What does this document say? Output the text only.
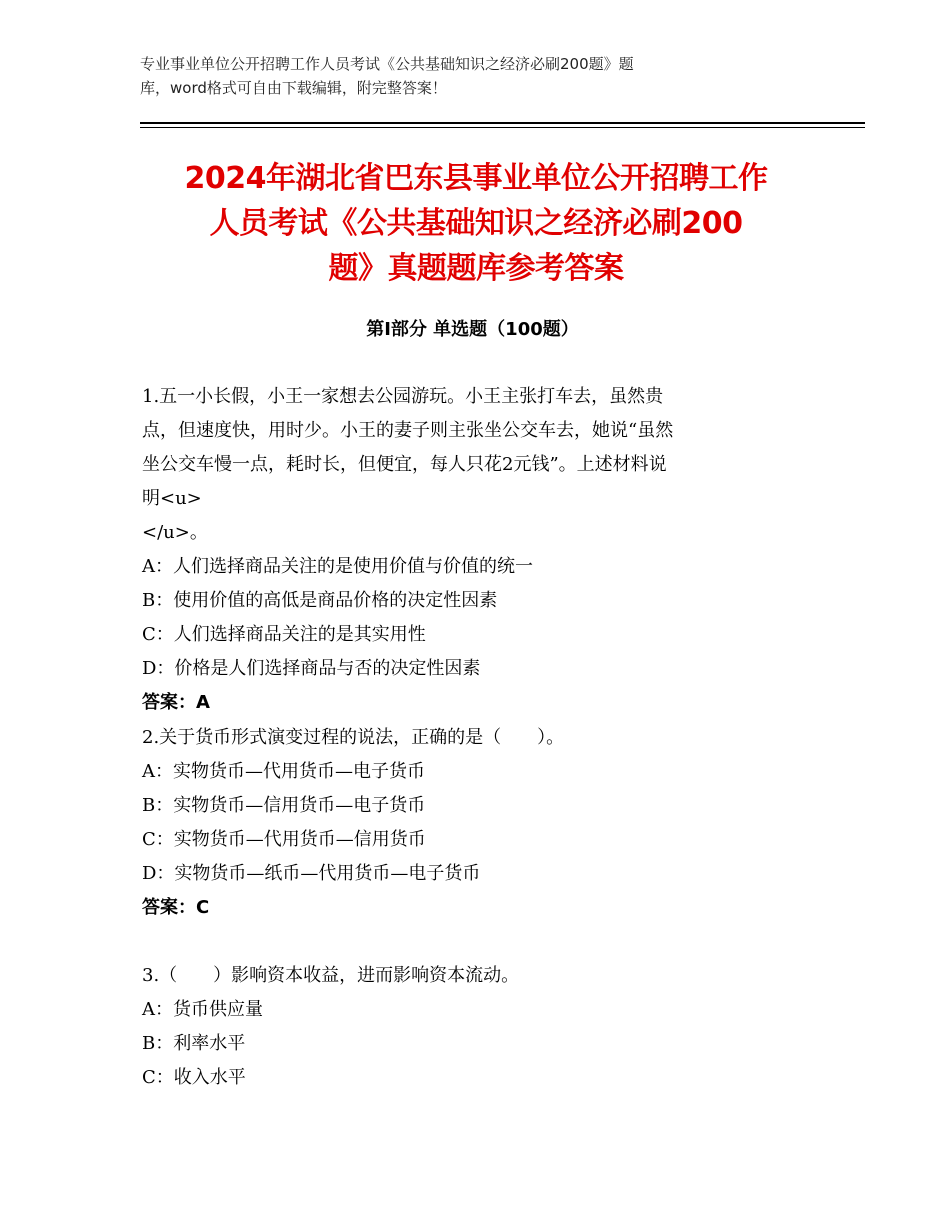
专业事业单位公开招聘工作人员考试《公共基础知识之经济必刷200题》题
库，word格式可自由下载编辑，附完整答案！
2024年湖北省巴东县事业单位公开招聘工作
人员考试《公共基础知识之经济必刷200
题》真题题库参考答案
第Ⅰ部分 单选题（100题）
1.五一小长假，小王一家想去公园游玩。小王主张打车去，虽然贵
点，但速度快，用时少。小王的妻子则主张坐公交车去，她说“虽然
坐公交车慢一点，耗时长，但便宜，每人只花2元钱”。上述材料说
明<u>
</u>。
A：人们选择商品关注的是使用价值与价值的统一
B：使用价值的高低是商品价格的决定性因素
C：人们选择商品关注的是其实用性
D：价格是人们选择商品与否的决定性因素
答案：A
2.关于货币形式演变过程的说法，正确的是（　　）。
A：实物货币—代用货币—电子货币
B：实物货币—信用货币—电子货币
C：实物货币—代用货币—信用货币
D：实物货币—纸币—代用货币—电子货币
答案：C
3.（　　）影响资本收益，进而影响资本流动。
A：货币供应量
B：利率水平
C：收入水平
